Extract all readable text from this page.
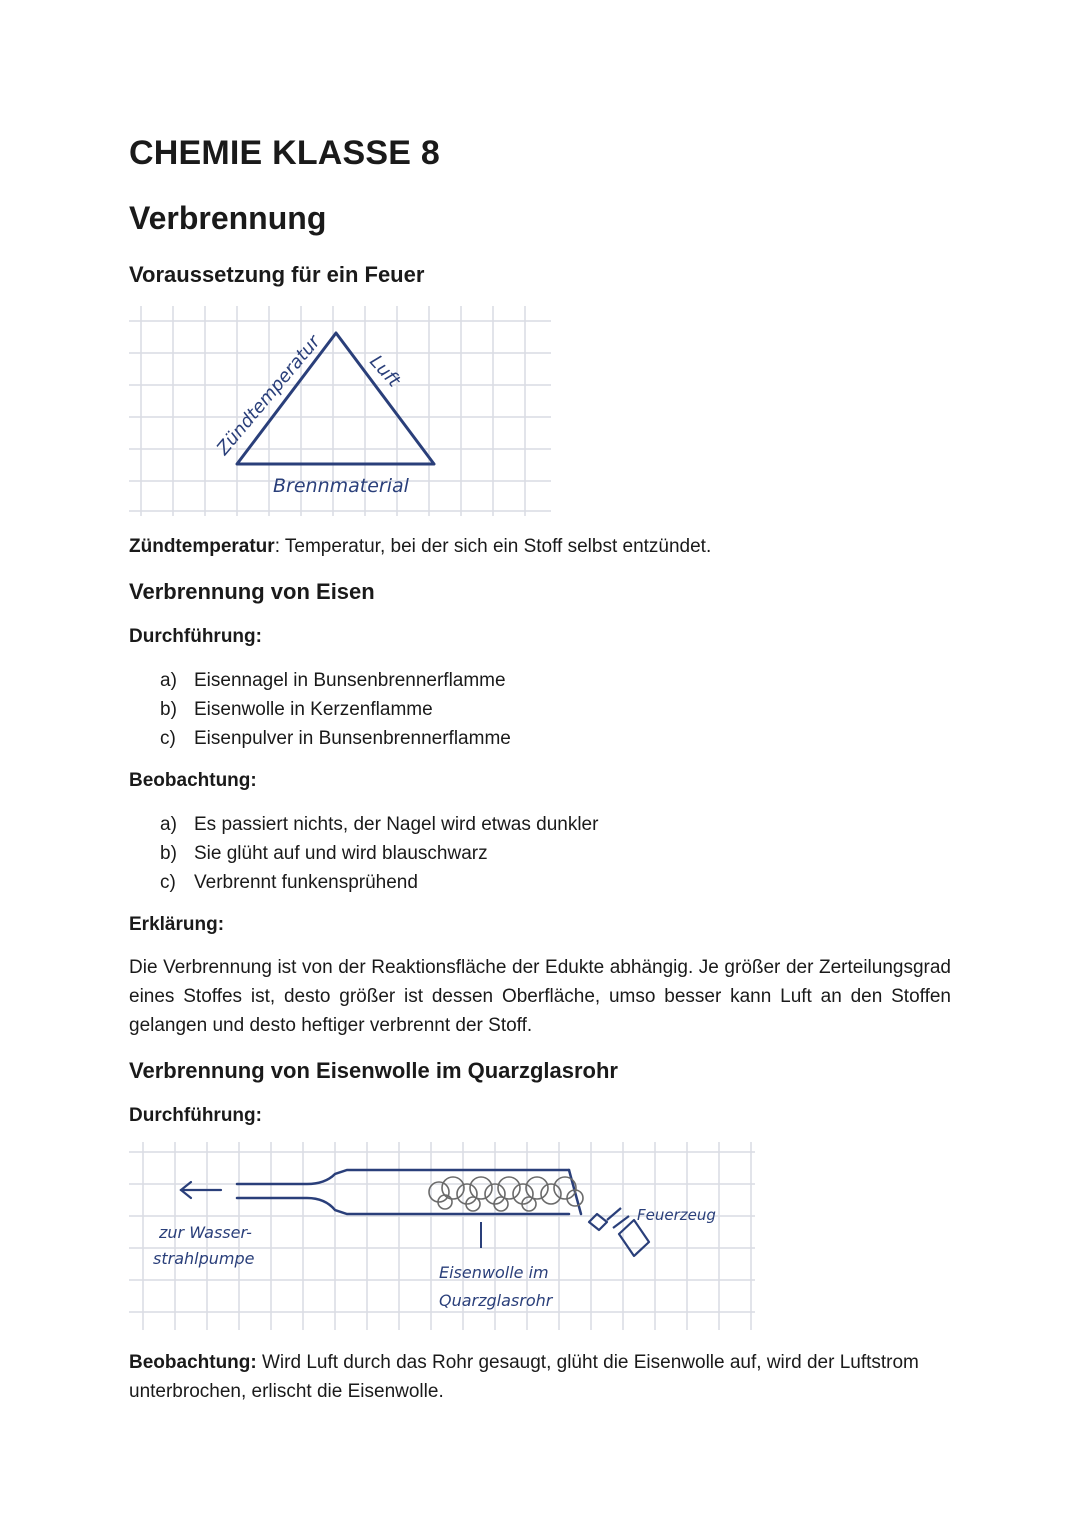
CHEMIE KLASSE 8
Verbrennung
Voraussetzung für ein Feuer
Zündtemperatur Luft
Brennmaterial

Zündtemperatur: Temperatur, bei der sich ein Stoff selbst entzündet.

Verbrennung von Eisen
Durchführung:
a) Eisennagel in Bunsenbrennerflamme
b) Eisenwolle in Kerzenflamme
c) Eisenpulver in Bunsenbrennerflamme
Beobachtung:
a) Es passiert nichts, der Nagel wird etwas dunkler
b) Sie glüht auf und wird blauschwarz
c) Verbrennt funkensprühend
Erklärung:

Die Verbrennung ist von der Reaktionsfläche der Edukte abhängig. Je größer der Zerteilungsgrad eines Stoffes ist, desto größer ist dessen Oberfläche, umso besser kann Luft an den Stoffen gelangen und desto heftiger verbrennt der Stoff.

Verbrennung von Eisenwolle im Quarzglasrohr
Durchführung:
zur Wasser-
strahlpumpe
Eisenwolle im
Quarzglasrohr
Feuerzeug

Beobachtung: Wird Luft durch das Rohr gesaugt, glüht die Eisenwolle auf, wird der Luftstrom unterbrochen, erlischt die Eisenwolle.
